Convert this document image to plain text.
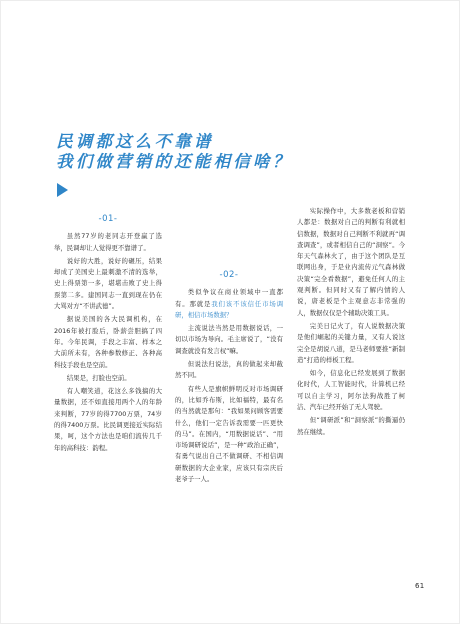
民调都这么不靠谱
我们做营销的还能相信啥？
-01-

虽然77岁的老同志开登赢了选举，民调却让人觉得更不靠谱了。

说好的大胜，说好的碾压，结果却成了美国史上最刺激不清的选举，史上得票第一多，堪堪击败了史上得票第二多。建国同志一直到现在仍在大骂对方“不讲武德”。

据说美国的各大民调机构，在2016年被打脸后，卧薪尝胆搞了四年。今年民调，手段之丰富、样本之大前所未有，各种参数修正、各种高科技手段也是空前。

结果是，打脸也空前。

有人嘲笑道，花这么多钱搞的大量数据，还不如直接用两个人的年龄来判断，77岁的得7700万票，74岁的得7400万票。比民调更接近实际结果，呵，这个方法也是咱们流传几千年的高科技：韵程。

-02-

类似争议在商业领域中一直都有。那就是我们该不该信任市场调研，相信市场数据？

主流说法当然是用数据说话，一切以市场为导向。毛主席说了，“没有调查就没有发言权”嘛。

但说法归说法，真的做起来却截然不同。

有些人是旗帜鲜明反对市场调研的，比如乔布斯，比如福特，最有名的当然就是那句：“我如果问顾客需要什么，他们一定告诉我需要一匹更快的马”。在国内，“用数据说话”、“用市场调研说话”，是一种“政治正确”，有勇气说出自己不做调研、不相信调研数据的大企业家，应该只有宗庆后老爷子一人。

实际操作中，大多数老板和营销人都是：数据对自己的判断有利就相信数据，数据对自己判断不利就再“调查调查”，或者相信自己的“洞察”。今年天气森林火了，由于这个团队是互联网出身，于是业内流传元气森林做决策“完全看数据”，避免任何人的主观判断。但同时又有了解内情的人说，唐老板是个主观意志非常强的人，数据仅仅是个辅助决策工具。

完美日记火了，有人说数据决策是他们崛起的关键力量，又有人说这完全是胡说八道，是马老师要推“新制造”打造的样板工程。

如今，信息化已经发展到了数据化时代，人工智能时代，计算机已经可以自主学习，阿尔法狗战胜了柯洁、汽车已经开始了无人驾驶。

但“调研派”和“洞察派”的撕逼仍然在继续。

61
